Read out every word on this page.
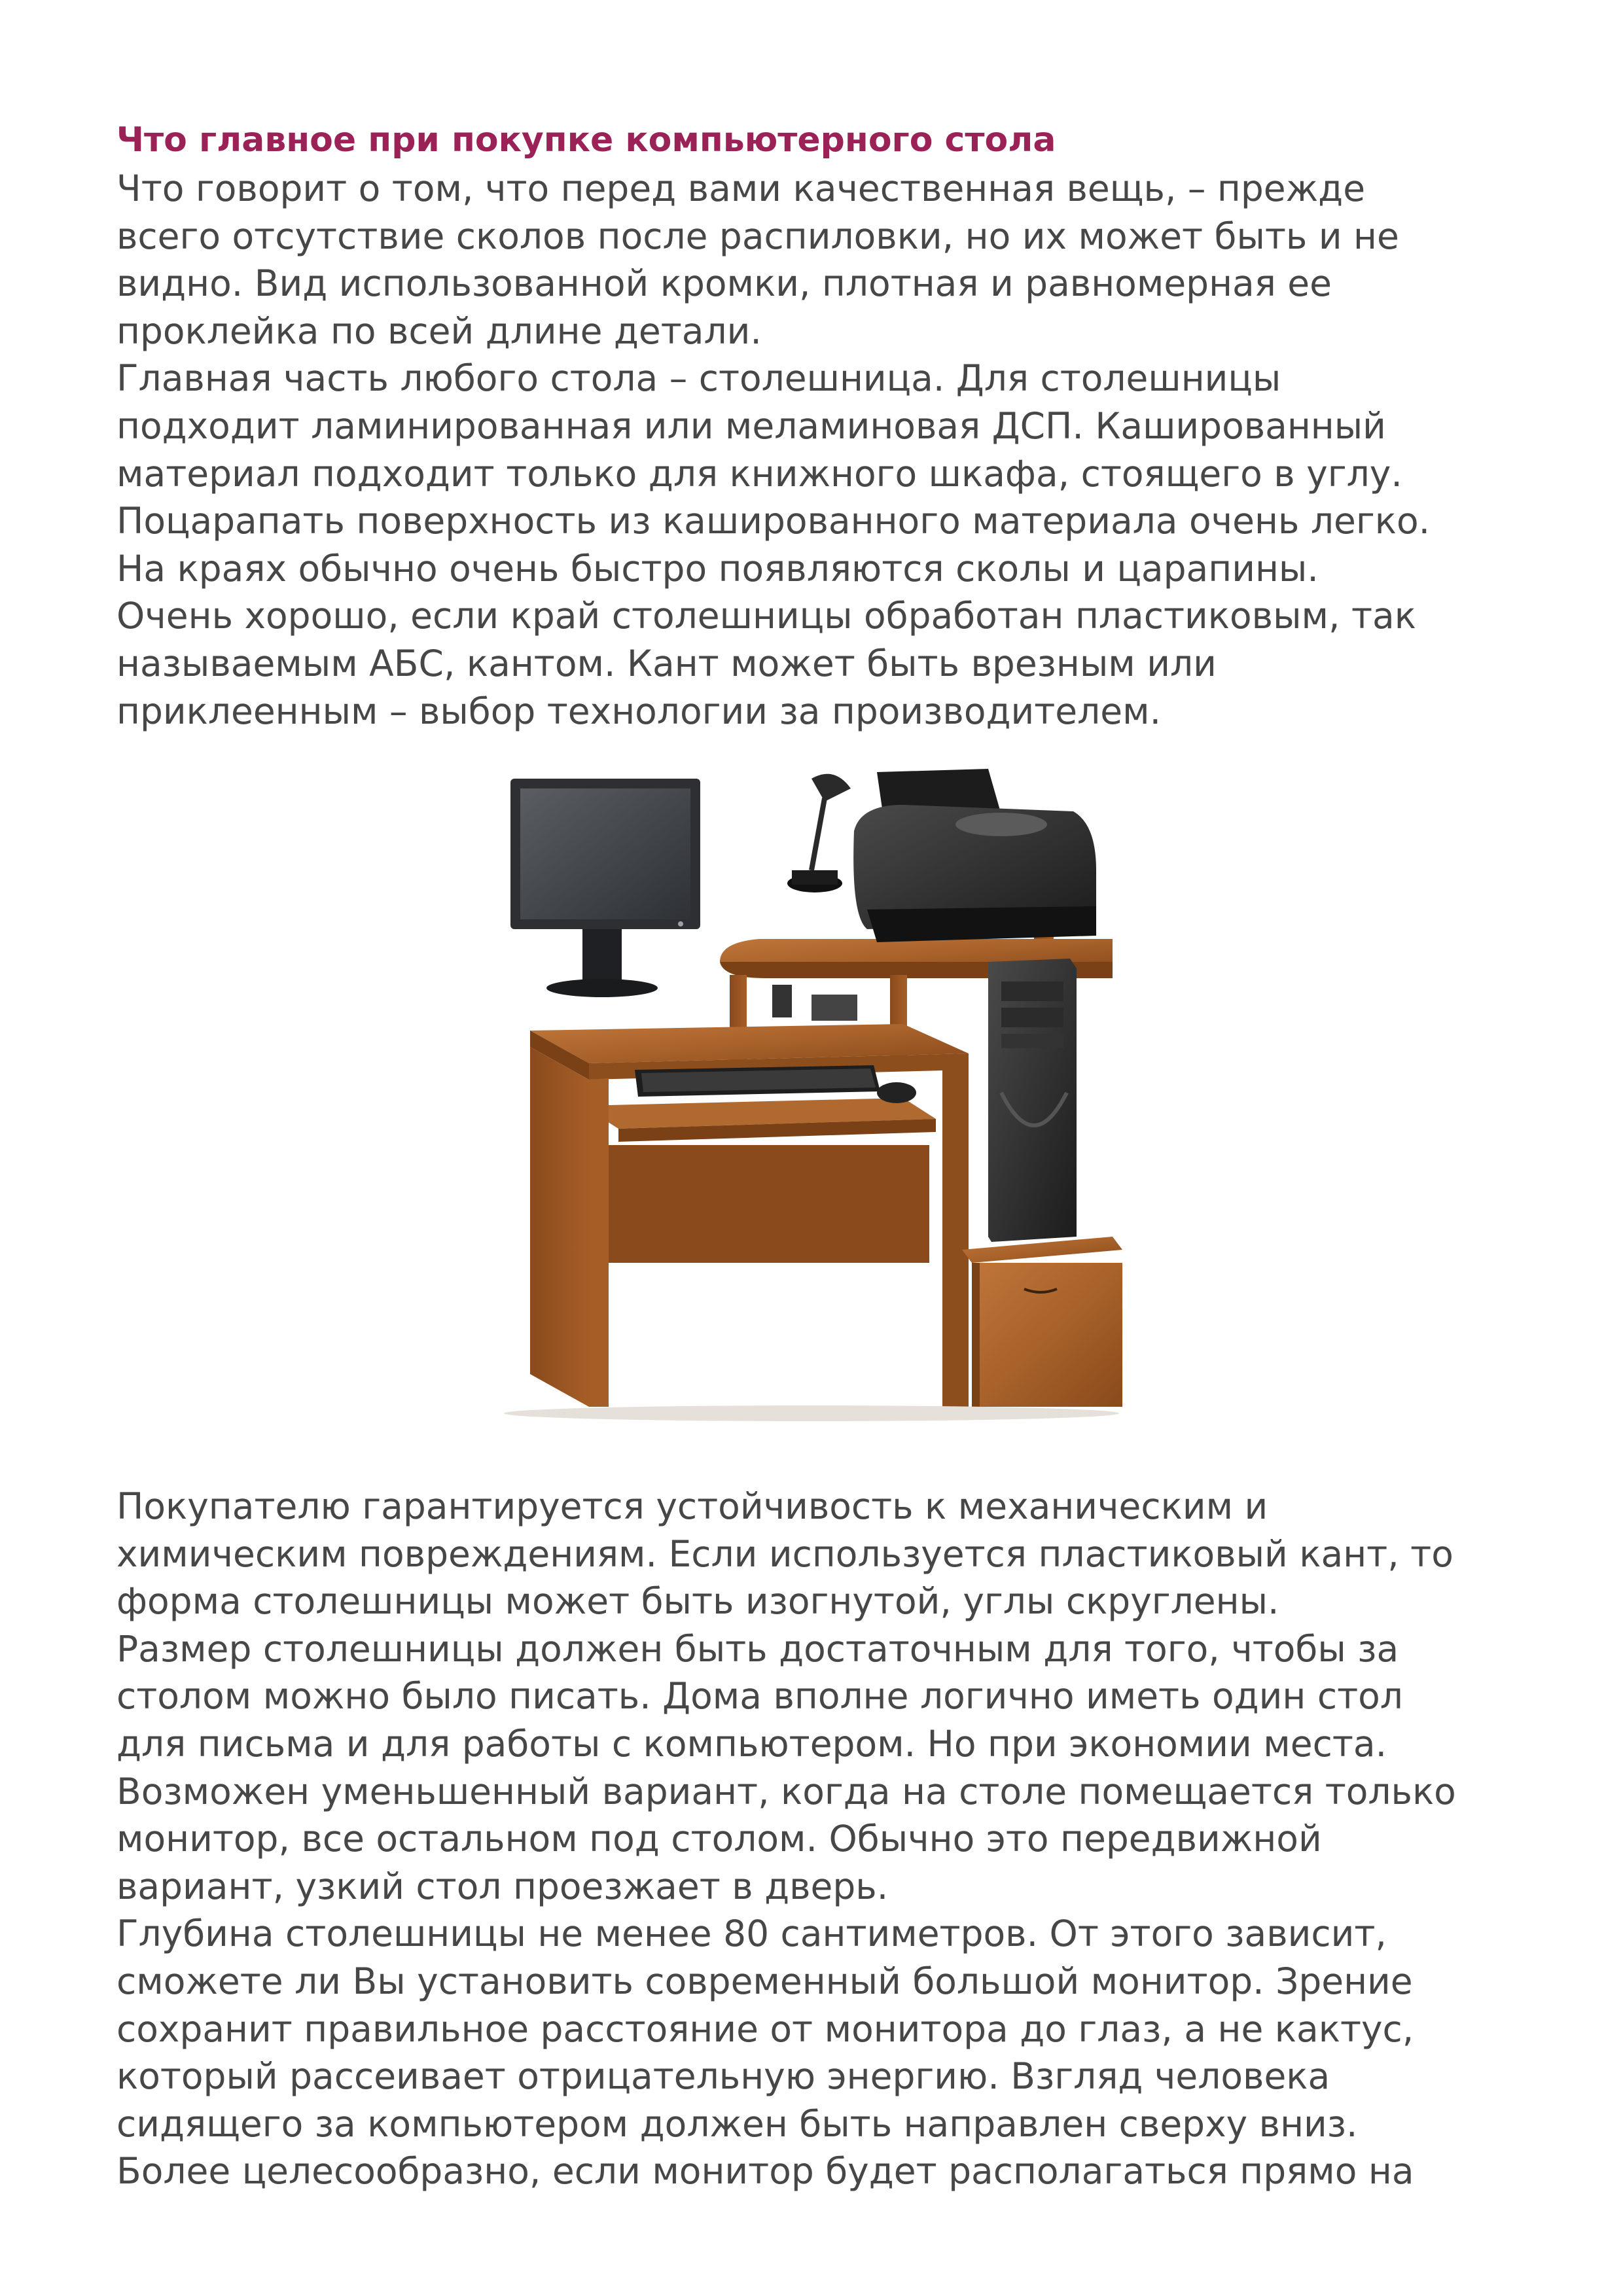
Что главное при покупке компьютерного стола
Что говорит о том, что перед вами качественная вещь, – прежде
всего отсутствие сколов после распиловки, но их может быть и не
видно. Вид использованной кромки, плотная и равномерная ее
проклейка по всей длине детали.
Главная часть любого стола – столешница. Для столешницы
подходит ламинированная или меламиновая ДСП. Кашированный
материал подходит только для книжного шкафа, стоящего в углу.
Поцарапать поверхность из кашированного материала очень легко.
На краях обычно очень быстро появляются сколы и царапины.
Очень хорошо, если край столешницы обработан пластиковым, так
называемым АБС, кантом. Кант может быть врезным или
приклеенным – выбор технологии за производителем.
Покупателю гарантируется устойчивость к механическим и
химическим повреждениям. Если используется пластиковый кант, то
форма столешницы может быть изогнутой, углы скруглены.
Размер столешницы должен быть достаточным для того, чтобы за
столом можно было писать. Дома вполне логично иметь один стол
для письма и для работы с компьютером. Но при экономии места.
Возможен уменьшенный вариант, когда на столе помещается только
монитор, все остальном под столом. Обычно это передвижной
вариант, узкий стол проезжает в дверь.
Глубина столешницы не менее 80 сантиметров. От этого зависит,
сможете ли Вы установить современный большой монитор. Зрение
сохранит правильное расстояние от монитора до глаз, а не кактус,
который рассеивает отрицательную энергию. Взгляд человека
сидящего за компьютером должен быть направлен сверху вниз.
Более целесообразно, если монитор будет располагаться прямо на
